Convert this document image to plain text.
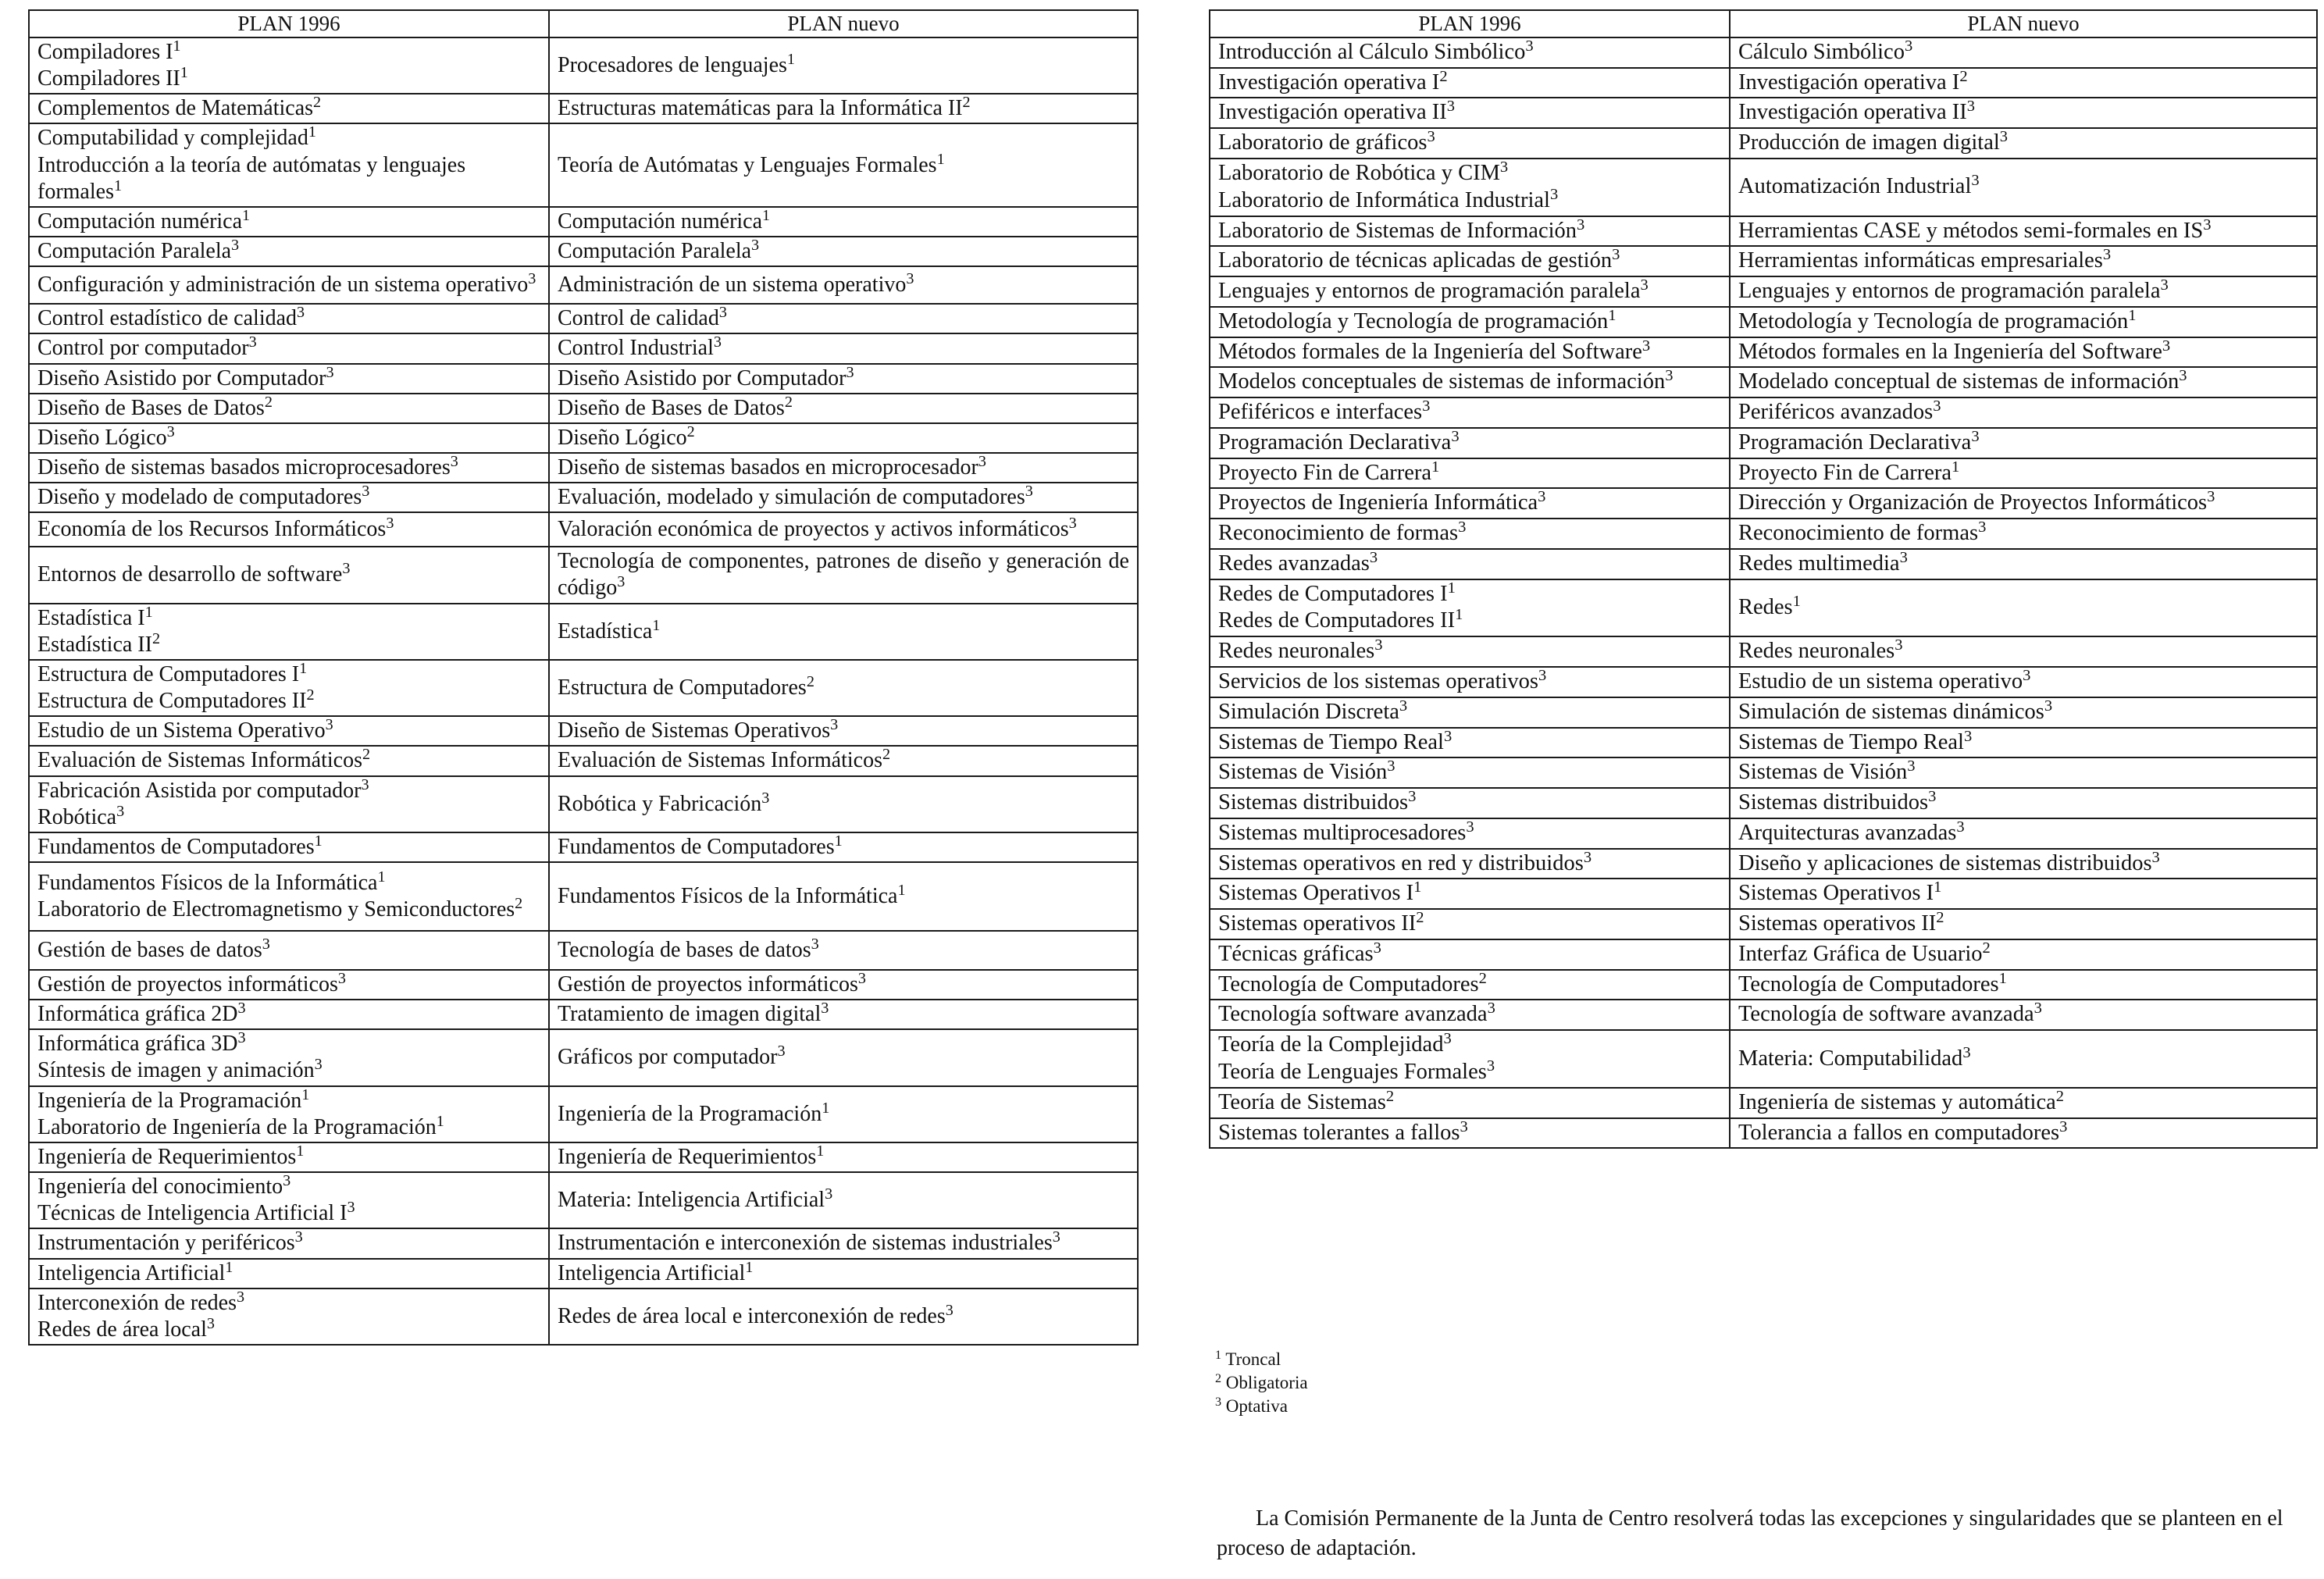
PLAN 1996	PLAN nuevo

Compiladores $I^1$
Compiladores $II^1$	Procesadores de lenguajes$^1$

Complementos de Matemáticas$^2$	Estructuras matemáticas para la Informática $II^2$

Computabilidad y complejidad$^1$
Introducción a la teoría de autómatas y lenguajes formales$^1$	Teoría de Autómatas y Lenguajes Formales$^1$

Computación numérica$^1$	Computación numérica$^1$

Computación Paralela$^3$	Computación Paralela$^3$

Configuración y administración de un sistema operativo$^3$	Administración de un sistema operativo$^3$

Control estadístico de calidad$^3$	Control de calidad$^3$

Control por computador$^3$	Control Industrial$^3$

Diseño Asistido por Computador$^3$	Diseño Asistido por Computador$^3$

Diseño de Bases de Datos$^2$	Diseño de Bases de Datos$^2$

Diseño Lógico$^3$	Diseño Lógico$^2$

Diseño de sistemas basados microprocesadores$^3$	Diseño de sistemas basados en microprocesador$^3$

Diseño y modelado de computadores$^3$	Evaluación, modelado y simulación de computadores$^3$

Economía de los Recursos Informáticos$^3$	Valoración económica de proyectos y activos informáticos$^3$

Entornos de desarrollo de software$^3$	Tecnología de componentes, patrones de diseño y generación de código$^3$

Estadística $I^1$
Estadística $II^2$	Estadística$^1$

Estructura de Computadores $I^1$
Estructura de Computadores $II^2$	Estructura de Computadores$^2$

Estudio de un Sistema Operativo$^3$	Diseño de Sistemas Operativos$^3$

Evaluación de Sistemas Informáticos$^2$	Evaluación de Sistemas Informáticos$^2$

Fabricación Asistida por computador$^3$
Robótica$^3$	Robótica y Fabricación$^3$

Fundamentos de Computadores$^1$	Fundamentos de Computadores$^1$

Fundamentos Físicos de la Informática$^1$
Laboratorio de Electromagnetismo y Semiconductores$^2$	Fundamentos Físicos de la Informática$^1$

Gestión de bases de datos$^3$	Tecnología de bases de datos$^3$

Gestión de proyectos informáticos$^3$	Gestión de proyectos informáticos$^3$

Informática gráfica $2D^3$	Tratamiento de imagen digital$^3$

Informática gráfica $3D^3$
Síntesis de imagen y animación$^3$	Gráficos por computador$^3$

Ingeniería de la Programación$^1$
Laboratorio de Ingeniería de la Programación$^1$	Ingeniería de la Programación$^1$

Ingeniería de Requerimientos$^1$	Ingeniería de Requerimientos$^1$

Ingeniería del conocimiento$^3$
Técnicas de Inteligencia Artificial $I^3$	Materia: Inteligencia Artificial$^3$

Instrumentación y periféricos$^3$	Instrumentación e interconexión de sistemas industriales$^3$

Inteligencia Artificial$^1$	Inteligencia Artificial$^1$

Interconexión de redes$^3$
Redes de área local$^3$	Redes de área local e interconexión de redes$^3$
PLAN 1996	PLAN nuevo

Introducción al Cálculo Simbólico$^3$	Cálculo Simbólico$^3$

Investigación operativa $I^2$	Investigación operativa $I^2$

Investigación operativa $II^3$	Investigación operativa $II^3$

Laboratorio de gráficos$^3$	Producción de imagen digital$^3$

Laboratorio de Robótica y CIM$^3$
Laboratorio de Informática Industrial$^3$	Automatización Industrial$^3$

Laboratorio de Sistemas de Información$^3$	Herramientas CASE y métodos semi-formales en $IS^3$

Laboratorio de técnicas aplicadas de gestión$^3$	Herramientas informáticas empresariales$^3$

Lenguajes y entornos de programación paralela$^3$	Lenguajes y entornos de programación paralela$^3$

Metodología y Tecnología de programación$^1$	Metodología y Tecnología de programación$^1$

Métodos formales de la Ingeniería del Software$^3$	Métodos formales en la Ingeniería del Software$^3$

Modelos conceptuales de sistemas de información$^3$	Modelado conceptual de sistemas de información$^3$

Pefiféricos e interfaces$^3$	Periféricos avanzados$^3$

Programación Declarativa$^3$	Programación Declarativa$^3$

Proyecto Fin de Carrera$^1$	Proyecto Fin de Carrera$^1$

Proyectos de Ingeniería Informática$^3$	Dirección y Organización de Proyectos Informáticos$^3$

Reconocimiento de formas$^3$	Reconocimiento de formas$^3$

Redes avanzadas$^3$	Redes multimedia$^3$

Redes de Computadores $I^1$
Redes de Computadores $II^1$	Redes$^1$

Redes neuronales$^3$	Redes neuronales$^3$

Servicios de los sistemas operativos$^3$	Estudio de un sistema operativo$^3$

Simulación Discreta$^3$	Simulación de sistemas dinámicos$^3$

Sistemas de Tiempo Real$^3$	Sistemas de Tiempo Real$^3$

Sistemas de Visión$^3$	Sistemas de Visión$^3$

Sistemas distribuidos$^3$	Sistemas distribuidos$^3$

Sistemas multiprocesadores$^3$	Arquitecturas avanzadas$^3$

Sistemas operativos en red y distribuidos$^3$	Diseño y aplicaciones de sistemas distribuidos$^3$

Sistemas Operativos $I^1$	Sistemas Operativos $I^1$

Sistemas operativos $II^2$	Sistemas operativos $II^2$

Técnicas gráficas$^3$	Interfaz Gráfica de Usuario$^2$

Tecnología de Computadores$^2$	Tecnología de Computadores$^1$

Tecnología software avanzada$^3$	Tecnología de software avanzada$^3$

Teoría de la Complejidad$^3$
Teoría de Lenguajes Formales$^3$	Materia: Computabilidad$^3$

Teoría de Sistemas$^2$	Ingeniería de sistemas y automática$^2$

Sistemas tolerantes a fallos$^3$	Tolerancia a fallos en computadores$^3$
$^1$ Troncal
$^2$ Obligatoria
$^3$ Optativa

La Comisión Permanente de la Junta de Centro resolverá todas las excepciones y singularidades que se planteen en el proceso de adaptación.
